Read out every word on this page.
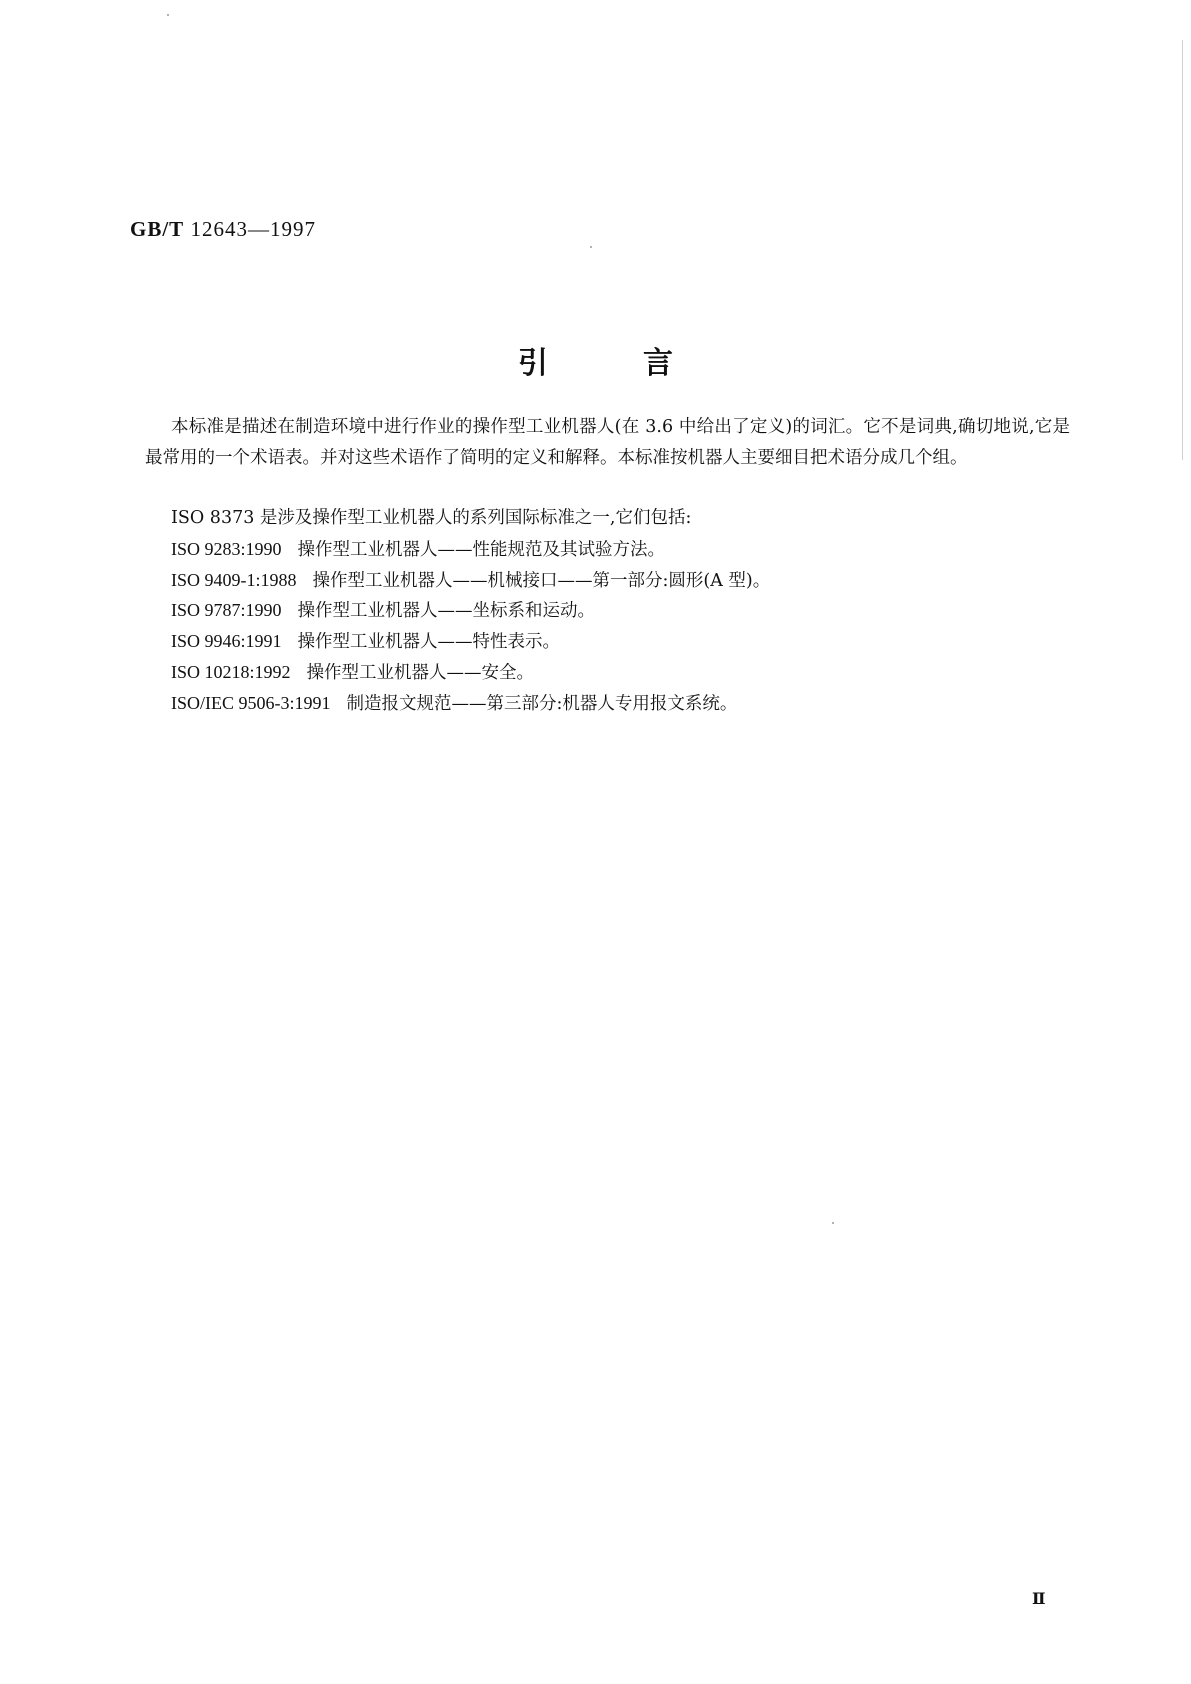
GB/T 12643—1997
引言

本标准是描述在制造环境中进行作业的操作型工业机器人(在 3.6 中给出了定义)的词汇。它不是词典,确切地说,它是最常用的一个术语表。并对这些术语作了简明的定义和解释。本标准按机器人主要细目把术语分成几个组。

ISO 8373 是涉及操作型工业机器人的系列国际标准之一,它们包括:
ISO 9283:1990 操作型工业机器人——性能规范及其试验方法。
ISO 9409-1:1988 操作型工业机器人——机械接口——第一部分:圆形(A 型)。
ISO 9787:1990 操作型工业机器人——坐标系和运动。
ISO 9946:1991 操作型工业机器人——特性表示。
ISO 10218:1992 操作型工业机器人——安全。
ISO/IEC 9506-3:1991 制造报文规范——第三部分:机器人专用报文系统。
Ⅱ
